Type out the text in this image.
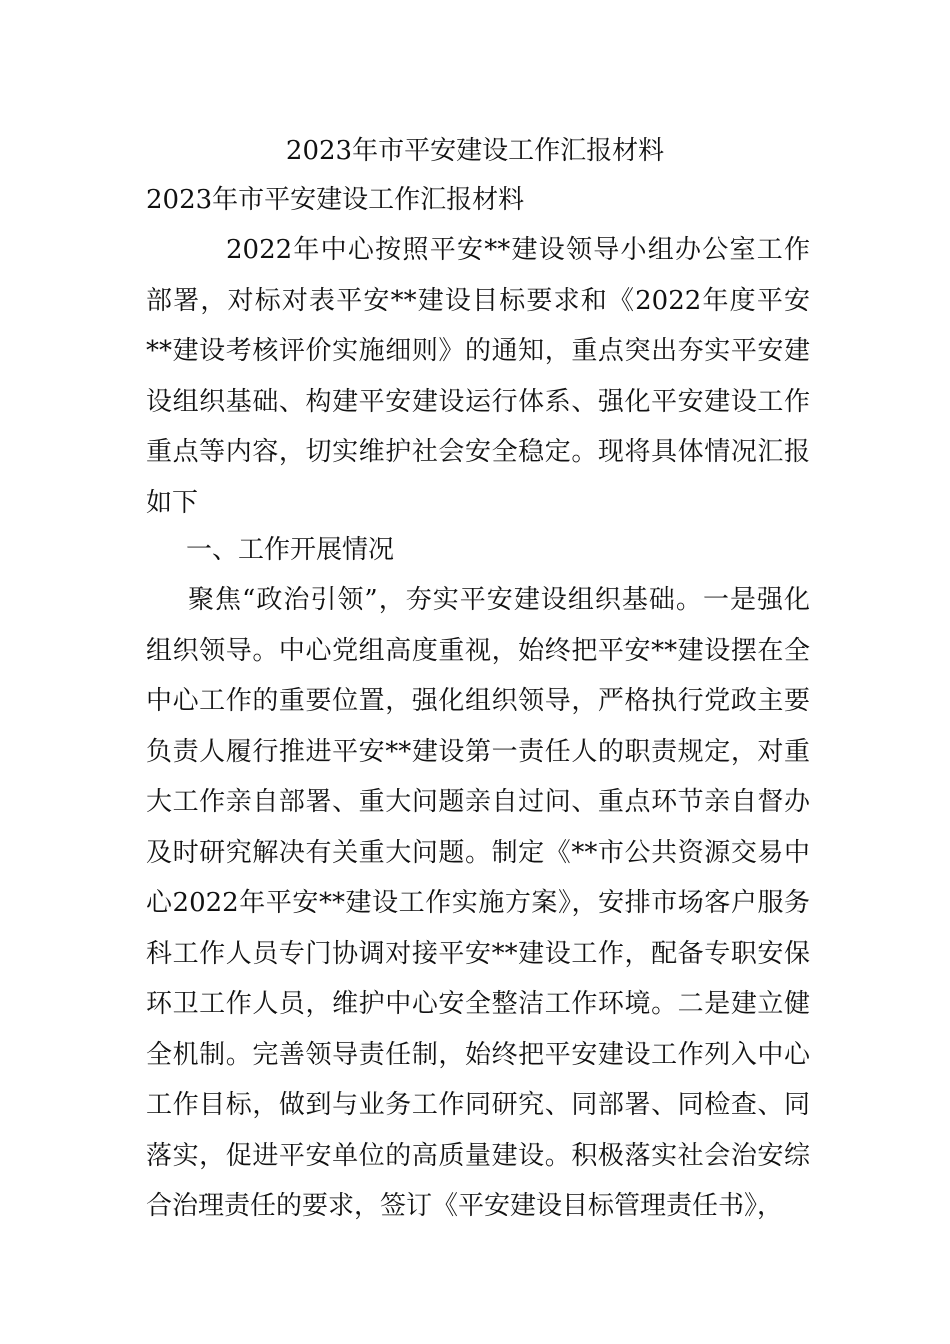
2023年市平安建设工作汇报材料
2023年市平安建设工作汇报材料

2022年中心按照平安**建设领导小组办公室工作部署，对标对表平安**建设目标要求和《2022年度平安**建设考核评价实施细则》的通知，重点突出夯实平安建设组织基础、构建平安建设运行体系、强化平安建设工作重点等内容，切实维护社会安全稳定。现将具体情况汇报如下

一、工作开展情况

聚焦“政治引领”，夯实平安建设组织基础。一是强化组织领导。中心党组高度重视，始终把平安**建设摆在全中心工作的重要位置，强化组织领导，严格执行党政主要负责人履行推进平安**建设第一责任人的职责规定，对重大工作亲自部署、重大问题亲自过问、重点环节亲自督办及时研究解决有关重大问题。制定《**市公共资源交易中心2022年平安**建设工作实施方案》，安排市场客户服务科工作人员专门协调对接平安**建设工作，配备专职安保环卫工作人员，维护中心安全整洁工作环境。二是建立健全机制。完善领导责任制，始终把平安建设工作列入中心工作目标，做到与业务工作同研究、同部署、同检查、同落实，促进平安单位的高质量建设。积极落实社会治安综合治理责任的要求，签订《平安建设目标管理责任书》，
